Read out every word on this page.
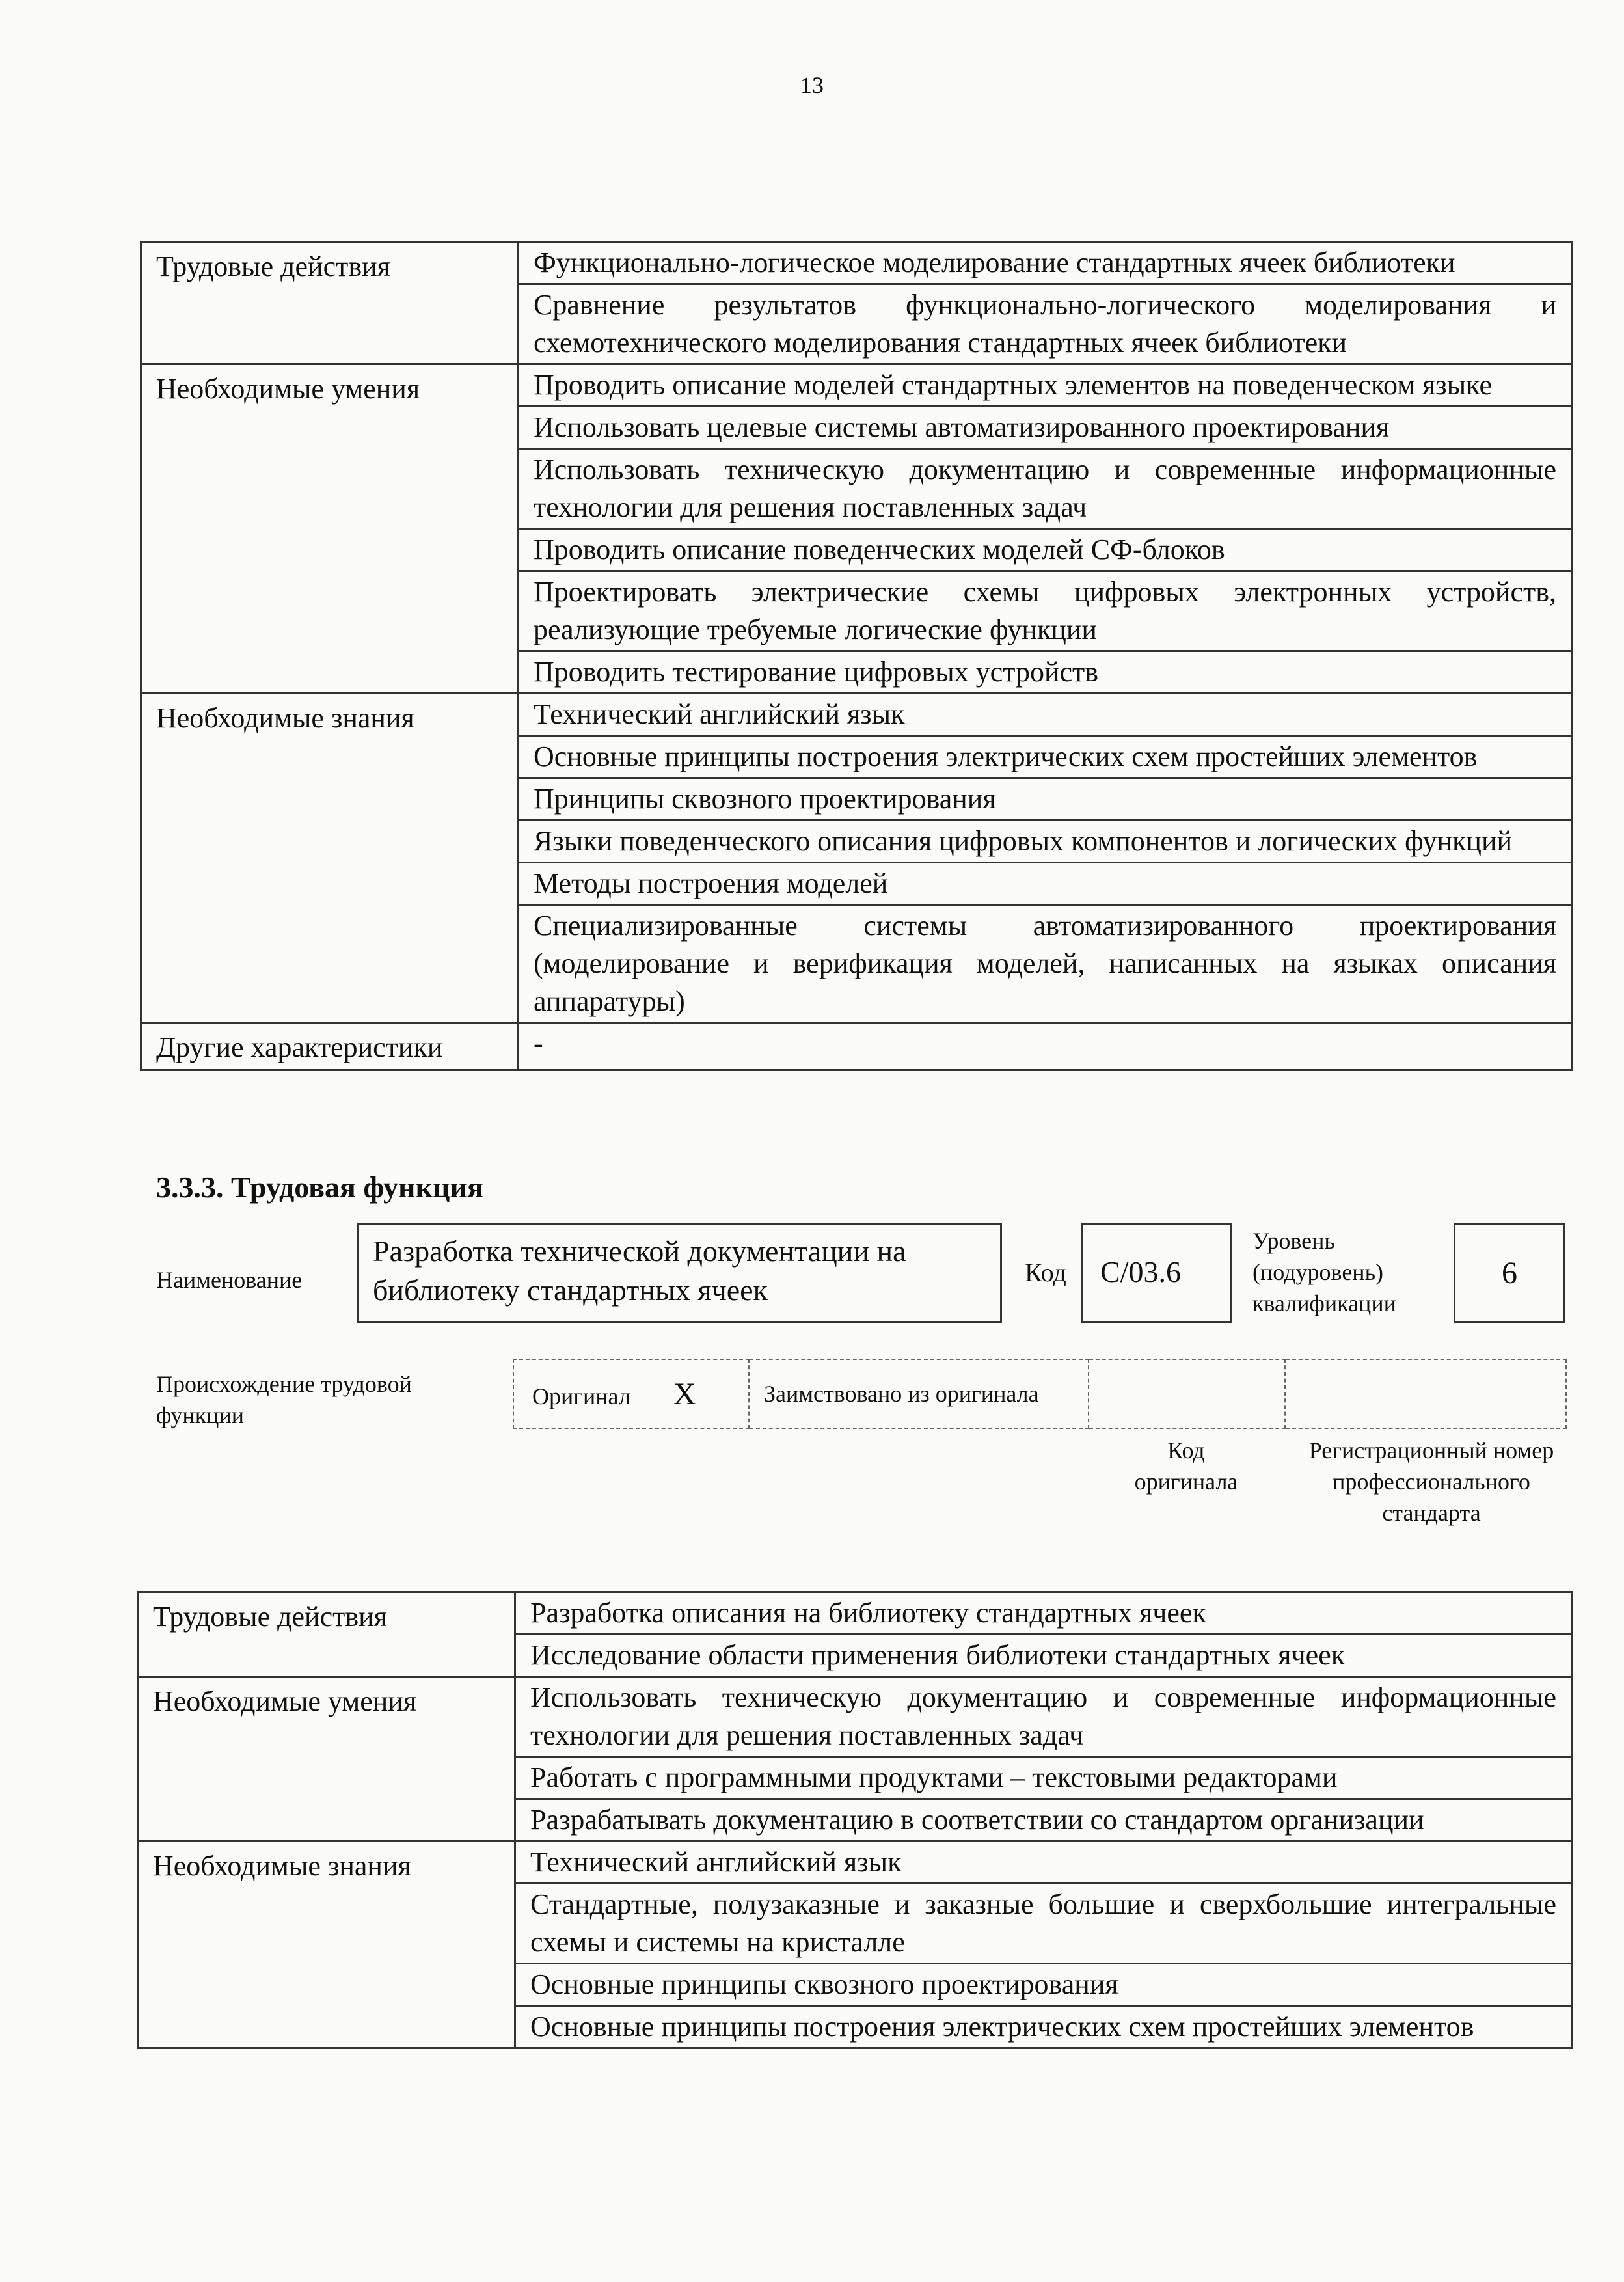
13
Трудовые действия	Функционально-логическое моделирование стандартных ячеек библиотеки
	Сравнение результатов функционально-логического моделирования и схемотехнического моделирования стандартных ячеек библиотеки
Необходимые умения	Проводить описание моделей стандартных элементов на поведенческом языке
	Использовать целевые системы автоматизированного проектирования
	Использовать техническую документацию и современные информационные технологии для решения поставленных задач
	Проводить описание поведенческих моделей СФ-блоков
	Проектировать электрические схемы цифровых электронных устройств, реализующие требуемые логические функции
	Проводить тестирование цифровых устройств
Необходимые знания	Технический английский язык
	Основные принципы построения электрических схем простейших элементов
	Принципы сквозного проектирования
	Языки поведенческого описания цифровых компонентов и логических функций
	Методы построения моделей
	Специализированные системы автоматизированного проектирования (моделирование и верификация моделей, написанных на языках описания аппаратуры)
Другие характеристики	-
3.3.3. Трудовая функция
Наименование
Разработка технической документации на библиотеку стандартных ячеек
Код	C/03.6
Уровень (подуровень) квалификации
6
Происхождение трудовой функции
Оригинал X	Заимствовано из оригинала

Код оригинала
Регистрационный номер профессионального стандарта
Трудовые действия	Разработка описания на библиотеку стандартных ячеек
	Исследование области применения библиотеки стандартных ячеек
Необходимые умения	Использовать техническую документацию и современные информационные технологии для решения поставленных задач
	Работать с программными продуктами – текстовыми редакторами
	Разрабатывать документацию в соответствии со стандартом организации
Необходимые знания	Технический английский язык
	Стандартные, полузаказные и заказные большие и сверхбольшие интегральные схемы и системы на кристалле
	Основные принципы сквозного проектирования
	Основные принципы построения электрических схем простейших элементов
